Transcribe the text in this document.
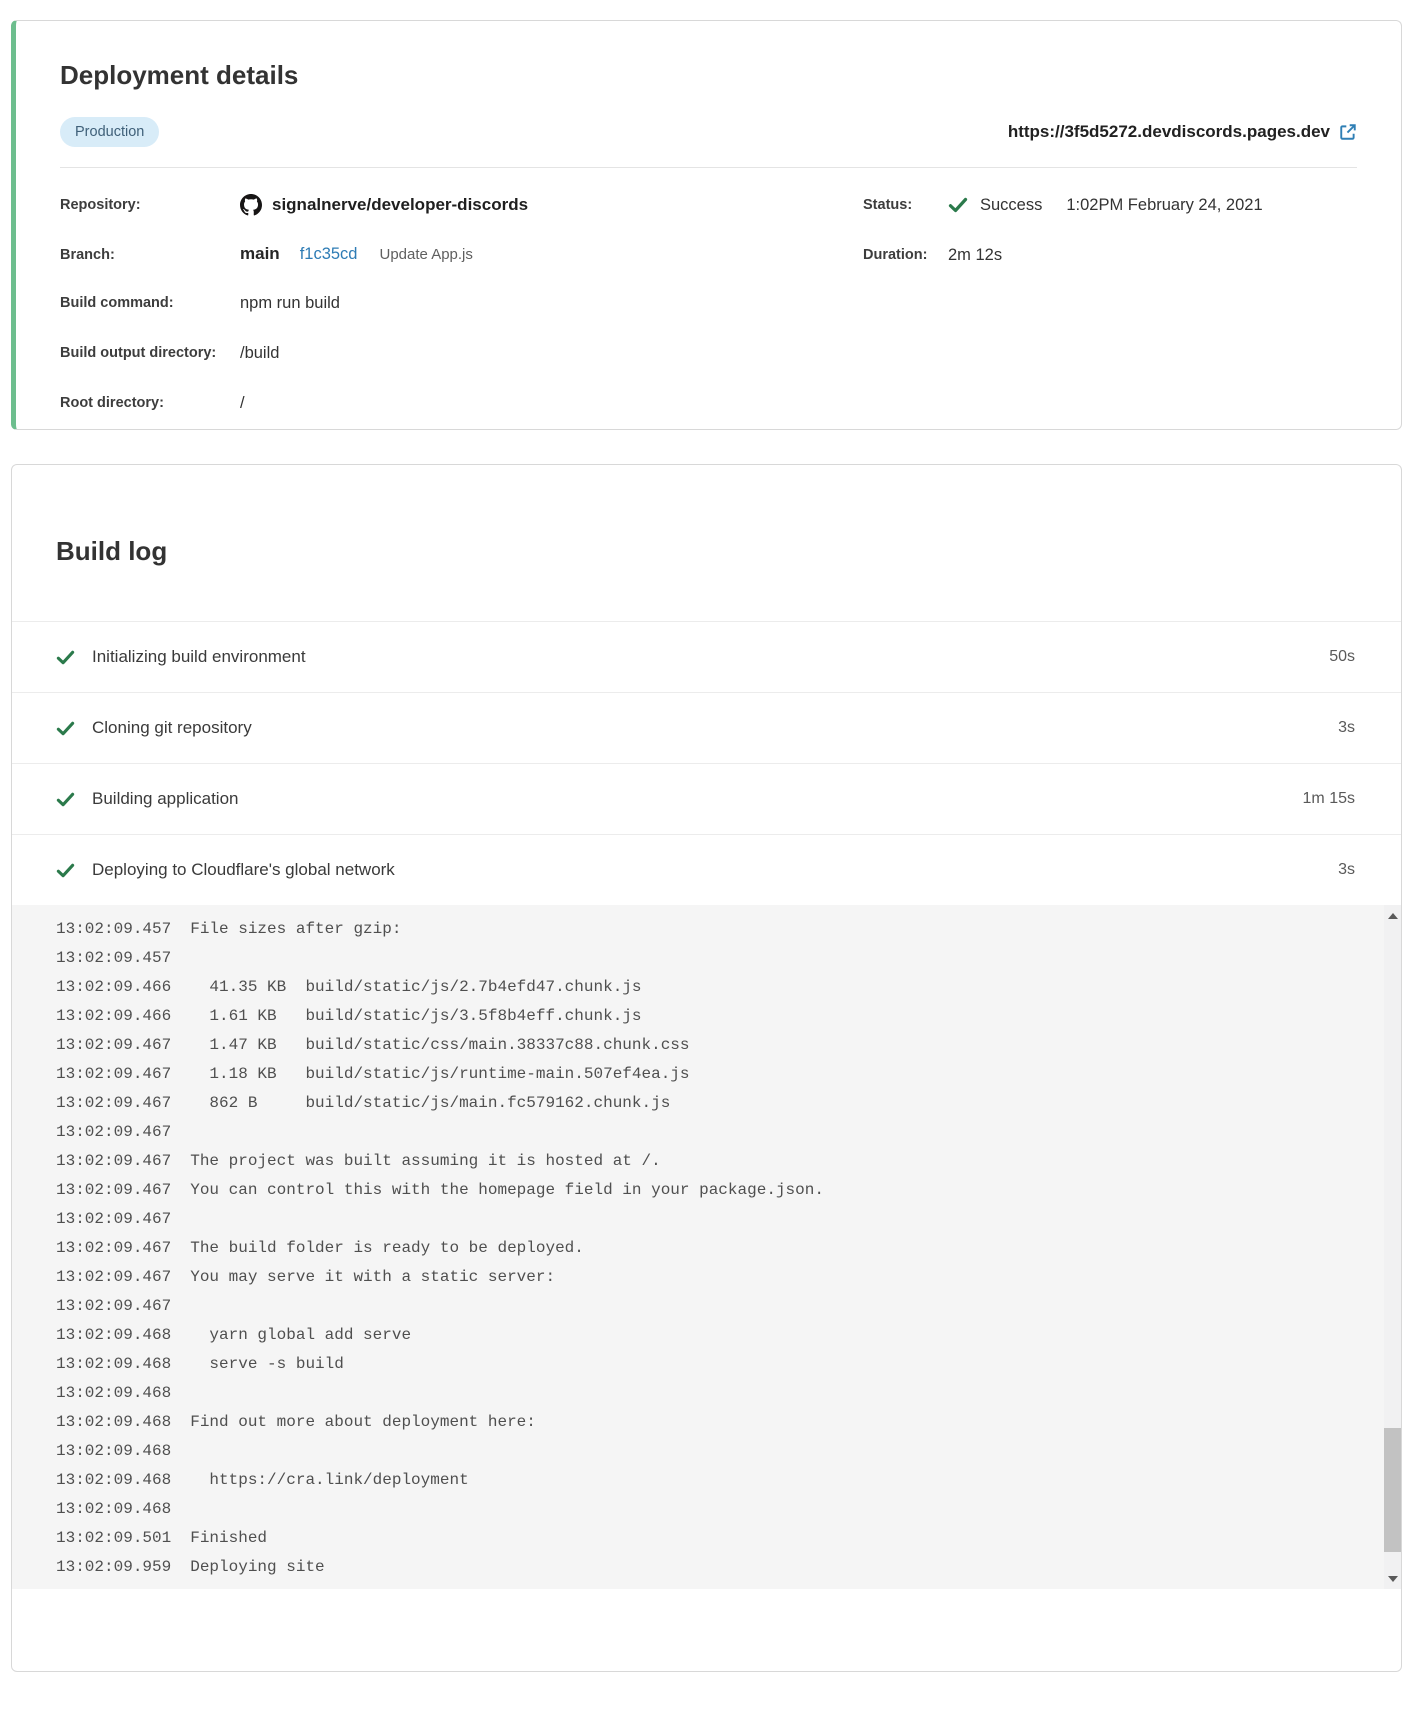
Deployment details
Production	https://3f5d5272.devdiscords.pages.dev
Repository:	signalnerve/developer-discords
Branch:	main f1c35cd Update App.js
Build command:	npm run build
Build output directory:	/build
Root directory:	/
Status:	Success 1:02PM February 24, 2021
Duration:	2m 12s
Build log
Initializing build environment	50s
Cloning git repository	3s
Building application	1m 15s
Deploying to Cloudflare's global network	3s
13:02:09.457 File sizes after gzip:
13:02:09.457
13:02:09.466  41.35 KB  build/static/js/2.7b4efd47.chunk.js
13:02:09.466  1.61 KB   build/static/js/3.5f8b4eff.chunk.js
13:02:09.467  1.47 KB   build/static/css/main.38337c88.chunk.css
13:02:09.467  1.18 KB   build/static/js/runtime-main.507ef4ea.js
13:02:09.467  862 B     build/static/js/main.fc579162.chunk.js
13:02:09.467
13:02:09.467 The project was built assuming it is hosted at /.
13:02:09.467 You can control this with the homepage field in your package.json.
13:02:09.467
13:02:09.467 The build folder is ready to be deployed.
13:02:09.467 You may serve it with a static server:
13:02:09.467
13:02:09.468  yarn global add serve
13:02:09.468  serve -s build
13:02:09.468
13:02:09.468 Find out more about deployment here:
13:02:09.468
13:02:09.468  https://cra.link/deployment
13:02:09.468
13:02:09.501 Finished
13:02:09.959 Deploying site
